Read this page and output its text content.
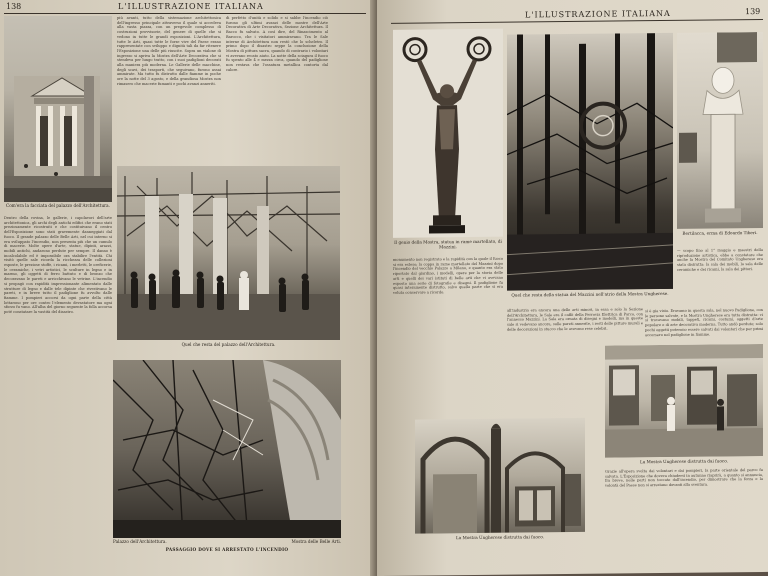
138	L'ILLUSTRAZIONE ITALIANA
Com'era la facciata del palazzo dell'Architettura.
più avanti, tutto della sistemazione architettonica dell'ingresso principale attraverso il quale si accedeva alla vasta piazza, con un pregevole complesso di costruzioni provvisorie, del genere di quelle che si vedono in tutte le grandi esposizioni. L'Architettura, tutte le Arti, quasi tutte le forze vive del Paese erano rappresentate con sviluppo e dignità tali da far ritenere l'Esposizione una delle più riuscite. Sopra un vialone di ingresso si apriva la Mostra dell'Arte Decorativa che si stendeva per lungo tratto, con i suoi padiglioni decorati alla maniera più moderna. Le Gallerie delle macchine, degli scavi, dei trasporti, che seguivano, furono assai ammirate. Ma tutto fu distrutto dalle fiamme in poche ore la notte del 3 agosto, e della grandiosa Mostra non rimasero che macerie fumanti e pochi avanzi anneriti.
di perfetto d'unità e solido e si sabbe l'incendio ciò furono gli ultimi avanzi delle mostre dell'Arte Decorativa di Arte Decorativa, Sezione Architettura. Il Bacco fu salvato. A così dire, del Rinascimento al Barocco, che i visitatori ammiravano. Tra le Sale interne di Architettura non restò che lo scheletro. Il primo dopo il disastro seppe la conclusione della Mostra di pittura sacra, quando di contrario i volontari vi avevano recato aiuto. La notte della sciagura il fuoco fu spento alle 4 e mezza circa, quando del padiglione non restava che l'ossatura metallica contorta dal calore.
Quel che resta del palazzo dell'Architettura.
Dentro della rovina, le gallerie, i capolavori dell'arte architettonica, gli archi degli antichi edifici che erano stati preziosamente ricostruiti e che costituivano il centro dell'Esposizione sono stati gravemente danneggiati dal fuoco. Il grande palazzo delle Belle Arti, nel cui interno si era sviluppato l'incendio, non presenta più che un cumulo di macerie. Molte opere d'arte, statue, dipinti, arazzi, mobili antichi, andarono perdute per sempre. Il danno è incalcolabile ed è impossibile ora stabilire l'entità. Chi visitò quelle sale ricorda la ricchezza delle collezioni esposte, le preziose stoffe, i ricami, i merletti, le oreficerie, le ceramiche, i vetri artistici, le sculture in legno e in marmo, gli oggetti di ferro battuto e di bronzo che decoravano le pareti e arricchivano le vetrine. L'incendio si propagò con rapidità impressionante alimentato dalle strutture di legno e dalle tele dipinte che rivestivano le pareti, e in breve tutto il padiglione fu avvolto dalle fiamme. I pompieri accorsi da ogni parte della città lottarono per ore contro l'elemento devastatore ma ogni sforzo fu vano. All'alba del giorno seguente la folla accorsa poté constatare la vastità del disastro.
Palazzo dell'Architettura.	Mostra delle Belle Arti.
PASSAGGIO DOVE SI ARRESTATO L'INCENDIO
L'ILLUSTRAZIONE ITALIANA	139
Il genio della Mostra, statua in rame martellato, di Mazzini.
Quel che resta della statua del Mazzini nell'atrio della Mostra Ungherese.
Bertilacca, erma di Edoardo Tiberi.
monumento non registrato e la rapidità con la quale il fuoco si era esteso; la coppa in rame martellato del Mazzini dopo l'incendio del vecchio Palazzo a Milano, e quanto era stato riportato dal giardino, i modelli, opere per la storia delle arti e quelli dei vari istituti di belle arti che vi avevano esposto una serie di fotografie e disegni. Il padiglione fu quasi interamente distrutto, salvo quella parte che si era voluta conservare a ricordo.
all'industria era ancora una delle arti minori, in essa e solo la Sezione dell'Architettura, le Sale era il caffè della Ferrovia Elettrica di Parco, con l'annesso Mazzini. La Sala era ornata di disegni e modelli, ma in queste sale si vedevano ancora, sulle pareti annerite, i resti delle pitture murali e delle decorazioni in stucco che le avevano rese celebri.
si è gia visto. Eravamo in questa sala, nel nuovo Padiglione, con le persone salvate, e la Mostra Ungherese era tutta distrutta: vi si trovavano mobili, tappeti, ricami, costumi, oggetti d'arte popolare e di arte decorativa moderna. Tutto andò perduto; solo pochi oggetti poterono essere salvati dai volontari che per primi accorsero nel padiglione in fiamme.
— scopo fino al 1° maggio e maestri della riproduzione artistica, ebbe a constatare che anche la Mostra del Comitato Ungherese era stata distrutta: la sala dei mobili, la sala delle ceramiche e dei ricami, la sala dei pittori.
La Mostra Ungherese distrutta dai fuoco.
La Mostra Ungherese distrutta dai fuoco.
Grazie all'opera svolta dai volontari e dai pompieri, la parte orientale del parco fu salvata. L'Esposizione che doveva chiudersi in autunno riaprirà, a quanto si annuncia, fra breve, nelle parti non toccate dall'incendio, per dimostrare che la forza e la volontà del Paese non si arrestano davanti alla sventura.
